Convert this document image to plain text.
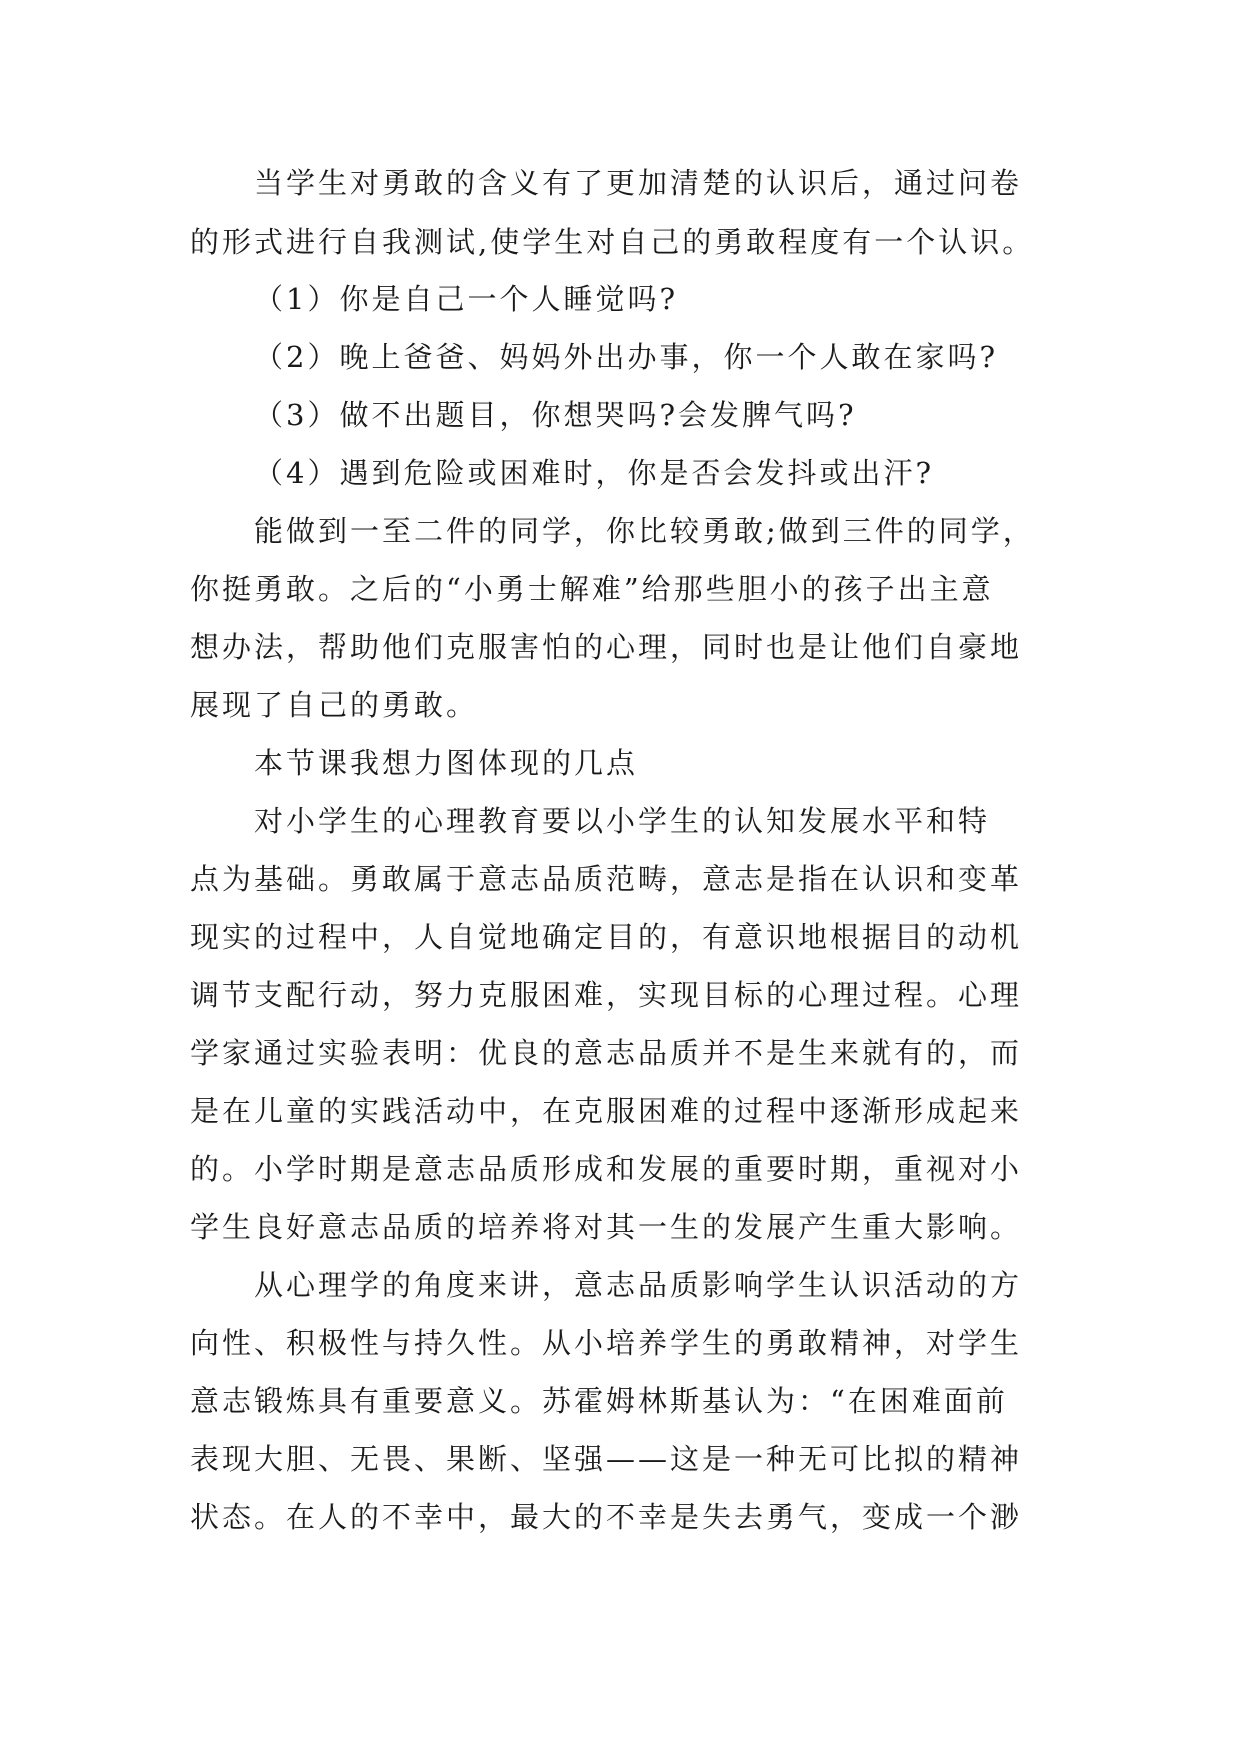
当学生对勇敢的含义有了更加清楚的认识后，通过问卷
的形式进行自我测试,使学生对自己的勇敢程度有一个认识。
（1）你是自己一个人睡觉吗?
（2）晚上爸爸、妈妈外出办事，你一个人敢在家吗?
（3）做不出题目，你想哭吗?会发脾气吗?
（4）遇到危险或困难时，你是否会发抖或出汗?
能做到一至二件的同学，你比较勇敢;做到三件的同学，
你挺勇敢。之后的“小勇士解难”给那些胆小的孩子出主意
想办法，帮助他们克服害怕的心理，同时也是让他们自豪地
展现了自己的勇敢。
本节课我想力图体现的几点
对小学生的心理教育要以小学生的认知发展水平和特
点为基础。勇敢属于意志品质范畴，意志是指在认识和变革
现实的过程中，人自觉地确定目的，有意识地根据目的动机
调节支配行动，努力克服困难，实现目标的心理过程。心理
学家通过实验表明：优良的意志品质并不是生来就有的，而
是在儿童的实践活动中，在克服困难的过程中逐渐形成起来
的。小学时期是意志品质形成和发展的重要时期，重视对小
学生良好意志品质的培养将对其一生的发展产生重大影响。
从心理学的角度来讲，意志品质影响学生认识活动的方
向性、积极性与持久性。从小培养学生的勇敢精神，对学生
意志锻炼具有重要意义。苏霍姆林斯基认为：“在困难面前
表现大胆、无畏、果断、坚强——这是一种无可比拟的精神
状态。在人的不幸中，最大的不幸是失去勇气，变成一个渺
